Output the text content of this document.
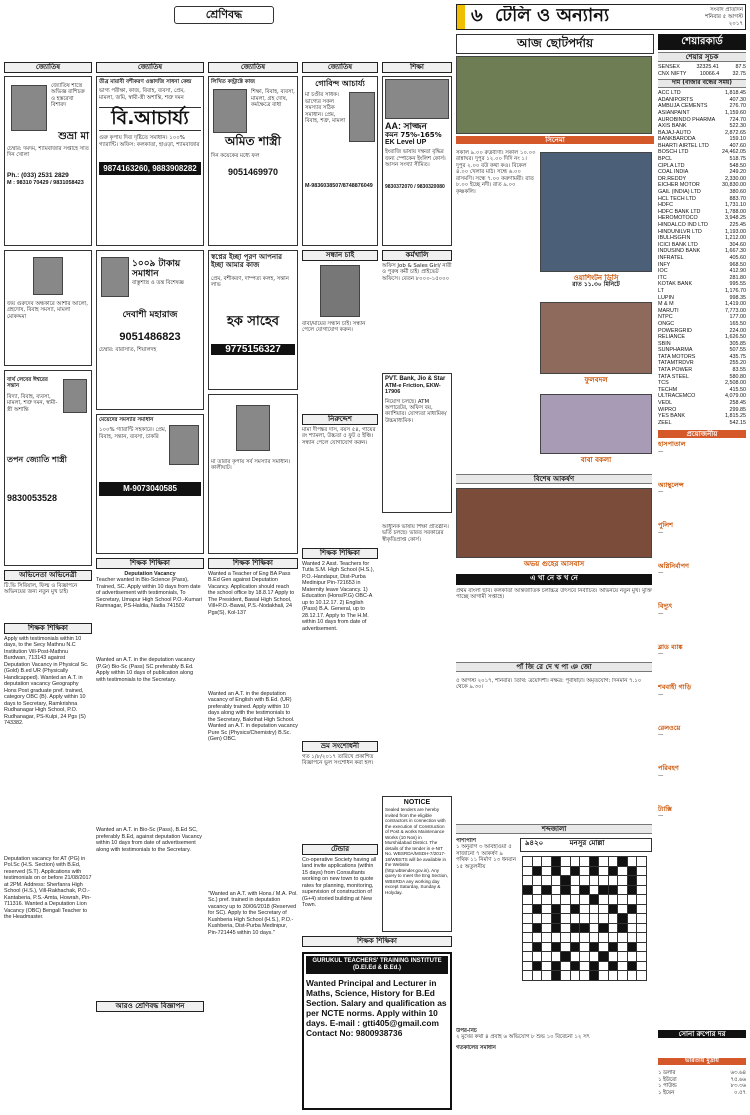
শ্রেণিবদ্ধ	৬ টেলি ও অন্যান্য	সংবাদ প্রতিদিন
শনিবার ৫ আগস্ট
২০১৭
জ্যোতিষ	জ্যোতিষ	জ্যোতিষ	জ্যোতিষ	শিক্ষা
জ্যোতিষ শাস্ত্রে অভিজ্ঞ রাশিচক্র ও হস্তরেখা বিশারদ
শুভ্রা মা
চেম্বার: দমদম, শ্যামবাজার সপ্তাহে সাত দিন খোলা
Ph.: (033) 2531 2829
M : 98310 70429 / 9831058423
জয় গুরুদেব অন্ধকারে আশার আলো, গ্রহদোষ, বিবাহ সমস্যা, মামলা মোকদ্দমা
বার্থ লেবের ঈশ্বরের সন্তান
বিদ্যা, বিবাহ, ব্যবসা, মামলা, শত্রু দমন, স্বামী-স্ত্রী অশান্তি
তপন জ্যোতি শাস্ত্রী
9830053528
অভিনেতা অভিনেত্রী
টি.ভি সিরিয়াল, ফিল্ম ও বিজ্ঞাপনে অভিনয়ের জন্য নতুন মুখ চাই।
শিক্ষক শিক্ষিকা
Apply with testimonials within 10 days, to the Secy Mathnu N.C Institution Vill-Post-Mathnu Burdwan, 713143 against Deputation Vacancy in Physical Sc. (Gold) B.ed UR (Physically Handicapped). Wanted an A.T. in deputation vacancy Geography Hons Post graduate pref. trained, category OBC (B). Apply within 10 days to Secretary, Ramkrishna Rudhanagar High School, P.O. Rudhanagar, PS-Kulpi, 24 Pgs (S) 743382.
Deputation vacancy for AT (PG) in Pol.Sc (H.S. Section) with B.Ed, reserved (S.T). Applications with testimonials on or before 21/08/2017 at 2PM. Address: Sherfanra High School (H.S.), Vill-Rakhachak, P.O.-Kantaberia, P.S.-Amta, Howrah, Pin-711316. Wanted a Deputation Lion Vacancy (OBC) Bengali Teacher to the Headmaster.
তীব্র মায়াবী বশীকরণ ওস্তাদজি সাধনা কেন্দ্র
ভাগ্য পরীক্ষা, কাজ, বিবাহ, ব্যবসা, প্রেম, মামলা, জমি, স্বামী-স্ত্রী অশান্তি, শত্রু দমন
বি.আচার্য্য
গুরু কৃপায় দিব্য দৃষ্টিতে সমাধান। ১০০% গ্যারান্টি। অফিস: কলকাতা, হাওড়া, শ্যামবাজার
9874163260, 9883908282
১০০৯ টাকায় সমাধান
বাস্তুশাস্ত্র ও তন্ত্র বিশেষজ্ঞ
দেবাশী মহারাজ
9051486823
চেম্বার: বারাসাত, শিয়ালদহ
মেয়েদের সমস্যার সমাধান
১০০% গ্যারান্টি সহকারে। প্রেম, বিবাহ, সন্তান, ব্যবসা, চাকরি
M-9073040585
শিক্ষক শিক্ষিকা
Deputation Vacancy
Teacher wanted in Bio-Science (Pass), Trained, SC. Apply within 10 days from date of advertisement with testimonials, To Secretary, Umapur High School P.O.-Kumari Ramnagar, PS-Haldia, Nadia 741502
Wanted an A.T. in the deputation vacancy (P.Gr) Bio-Sc (Pass) SC preferably B.Ed. Apply within 10 days of publication along with testimonials to the Secretary.
Wanted an A.T. in Bio-Sc (Pass), B.Ed SC, preferably B.Ed, against deputation Vacancy within 10 days from date of advertisement along with testimonials to the Secretary.
আরও শ্রেণিবদ্ধ বিজ্ঞাপন
লিখিত কন্ট্রাক্টে কাজ
শিক্ষা, বিবাহ, ব্যবসা, মামলা, গ্রহ দোষ, কর্মক্ষেত্রে বাধা
অমিত শাস্ত্রী
দিন কয়েকের মধ্যে ফল
9051469970
স্বপ্নের ইচ্ছা পূরণ আপনার ইচ্ছা আমার কাজ
প্রেম, বশীকরণ, দাম্পত্য কলহ, সন্তান লাভ
হক সাহেব
9775156327
মা তারার কৃপায় সর্ব সমস্যার সমাধান। কালীঘাট।
শিক্ষক শিক্ষিকা
Wanted a Teacher of Eng BA Pass B.Ed Gen against Deputation Vacancy. Application should reach the school office by 18.8.17 Apply to The President, Bawal High School, Vill+P.O.-Bawal, P.S.-Nodakhali, 24 Pgs(S), Kol-137
Wanted an A.T. in the deputation vacancy of English with B.Ed. (UR) preferably trained. Apply within 10 days along with the testimonials to the Secretary, Bakrihat High School. Wanted an A.T. in deputation vacancy Pure Sc (Physics/Chemistry) B.Sc. (Gen) OBC.
"Wanted an A.T. with Hons./ M.A. Pol. Sc.) pref. trained in deputation vacancy up to 30/06/2018 (Reserved for SC). Apply to the Secretary of Kushberia High School (H.S.), P.O.-Kushberia, Dist-Purba Medinipur, Pin-721445 within 10 days."
গোবিন্দ আচার্য্য
মা চণ্ডীর সাধক। ভাগ্যের সকল সমস্যার সঠিক সমাধান। প্রেম, বিবাহ, শত্রু, মামলা
M-9836038507/8748876049
সন্ধান চাই
বাবা/মায়ের সন্ধান চাই। সন্ধান পেলে যোগাযোগ করুন।
নিরুদ্দেশ
মামা দীপঙ্কর দাস, বয়স ৫৪, গায়ের রং শ্যামলা, উচ্চতা ৫ ফুট ৫ ইঞ্চি। সন্ধান পেলে যোগাযোগ করুন।
শিক্ষক শিক্ষিকা
Wanted 2 Asst. Teachers for Tutla S.M. High School (H.S.), P.O.-Handapur, Dist-Purba Medinipur Pin-721653 in Maternity leave Vacancy. 1) Education (Hons/P.G) OBC-A up to 10.12.17. 2) English (Pass) B.A. General, up to 28.12.17. Apply to The H.M. within 10 days from date of advertisement.
ভ্রম সংশোধনী
গত ১/৮/২০১৭ তারিখে প্রকাশিত বিজ্ঞাপনে ভুল সংশোধন করা হল।
টেন্ডার
Co-operative Society having all land invite applications (within 15 days) from Consultants working on new town to quote rates for planning, monitoring, supervision of construction of (G+4) storied building at New Town.
AA: সাজ্জন
কমন 75%-165%
EK Level UP
ইংরাজি ভাষায় দক্ষতা বৃদ্ধির জন্য স্পোকেন ইংলিশ কোর্স। আসন সংখ্যা সীমিত।
9830372070 / 9830320080
কর্মখালি
অফিস Job & Sales Girl/ নারী ও পুরুষ কর্মী চাই। প্রাইভেট অফিসে। বেতন ৮০০০-১৫০০০
PVT. Bank, Jio & Star
ATM-e Friction, EKW-17906
নিয়োগ চলছে। ATM অপারেটর, অফিস বয়, ক্যাশিয়ার। যোগ্যতা মাধ্যমিক/উচ্চমাধ্যমিক।
আধুনিক ভাষায় শিক্ষা প্রতিষ্ঠান। ভর্তি চলছে। ভারত সরকারের স্বীকৃতিপ্রাপ্ত কোর্স।
NOTICE
Sealed tenders are hereby invited from the eligible contractors in connection with the execution of Construction of Post & works Maintenance Works (10 Nos) in Murshidabad District. The details of the tender in e-NIT No. WBSRDA/MSDH-7/2017-18/WBSTS will be available in the Website (http:wbtender.gov.in). Any query to meet the Eng Section, WBSRDA any working day except Saturday, Sunday & Holyday.
শিক্ষক শিক্ষিকা
GURUKUL TEACHERS' TRAINING INSTITUTE (D.El.Ed & B.Ed.)
Wanted Principal and Lecturer in Maths, Science, History for B.Ed Section. Salary and qualification as per NCTE norms. Apply within 10 days. E-mail : gtti405@gmail.com Contact No: 9800938736
আজ ছোটপর্দায়
সিনেমা
সকাল ৯.০০ রুদ্রবীণা। সকাল ১০.০০ রান্নাঘর। দুপুর ১২.০০ দিদি নং ১। দুপুর ২.০০ বউ কথা কও। বিকেল ৪.০০ খেলার মাঠ। সন্ধে ৬.০০ রাসমণি। সন্ধে ৭.০০ করুণাময়ী। রাত ৮.০০ ইচ্ছে নদী। রাত ৯.০০ কৃষ্ণকলি।
ওয়াশিংটন ডিসি
রাত ১১.৩০ মিনিটে
ফুলবদল
বাবা বকলা
বিশেষ আকর্ষণ
অভয় গুহের আসবাস
এ খা নে ক খ নে
প্রথম বাংলা ছবি। কলকাতা আন্তর্জাতিক চলচ্চিত্র উৎসবে নির্বাচিত। অভিনয়ে নতুন মুখ। মুক্তি পাচ্ছে আগামী সপ্তাহে।
পাঁ জি রে দে খ পা ঞ জো
৫ আগস্ট ২০১৭, শনিবার। তিথি: ত্রয়োদশী। নক্ষত্র: পূর্বাষাঢ়া। অমৃতযোগ: দিনমান ৭.১০ থেকে ৯.৩০।
শব্দজালা
পাশাপাশি
১ অনুরাগ ৩ আবহাওয়া ৫ সাজানো ৭ আকর্ষণ ৯ পথিক ১১ নির্মাণ ১৩ ধনবান ১৫ অতুলনীয়
৯৪২০	মনসুর মোল্লা

উপর-নিচ
২ মুখের কথা ৪ প্রবাহ ৬ অভিযোগ ৮ শুভ ১০ বিবেচনা ১২ সৎ
গতকালের সমাধান
শেয়ারকার্ড
শেয়ার সূচক
SENSEX	32325.41	87.5
CNX NIFTY 10066.4 32.75
দাম (বাজার বন্ধের সময়)
ACC LTD	1,818.45
ADANIPORTS	407.30
AMBUJA CEMENTS	276.70
ASIANPAINT	1,159.60
AUROBINDO PHARMA	724.70
AXIS BANK	522.30
BAJAJ-AUTO	2,872.65
BANKBARODA	159.10
BHARTI AIRTEL LTD	407.60
BOSCH LTD	24,462.05
BPCL	518.75
CIPLA LTD	548.50
COAL INDIA	249.20
DR.REDDY	2,330.00
EICHER MOTOR	30,830.00
GAIL (INDIA) LTD	380.60
HCL TECH LTD	883.70
HDFC	1,731.10
HDFC BANK LTD	1,788.00
HEROMOTOCO	3,948.25
HINDALCO IND LTD	225.45
HINDUNILVR LTD	1,193.00
IBULHSGFIN	1,212.00
ICICI BANK LTD	304.60
INDUSIND BANK	1,667.30
INFRATEL	405.60
INFY	968.50
IOC	412.90
ITC	281.80
KOTAK BANK	995.55
LT	1,176.70
LUPIN	998.35
M & M	1,419.00
MARUTI	7,773.00
NTPC	177.00
ONGC	165.50
POWERGRID	224.00
RELIANCE	1,626.50
SBIN	305.85
SUNPHARMA	507.55
TATA MOTORS	435.75
TATAMTRDVR	255.20
TATA POWER	83.55
TATA STEEL	580.80
TCS	2,508.00
TECHM	415.50
ULTRACEMCO	4,079.00
VEDL	258.45
WIPRO	299.85
YES BANK	1,815.25
ZEEL	542.15
প্রয়োজনীয়
হাসপাতাল
—
অ্যাম্বুলেন্স
—
পুলিশ
—
অগ্নিনির্বাপণ
—
বিদ্যুৎ
—
ব্লাড ব্যাঙ্ক
—
শববাহী গাড়ি
—
রেলওয়ে
—
পরিবহণ
—
ট্যাক্সি
—
সোনা রুপোর দর
ভারতীয় মুদ্রায়
১ ডলার	৬৩.৬৪
১ ইউরো	৭৫.৬৬
১ পাউন্ড	৮৩.৩৬
১ ইয়েন	০.৫৭
